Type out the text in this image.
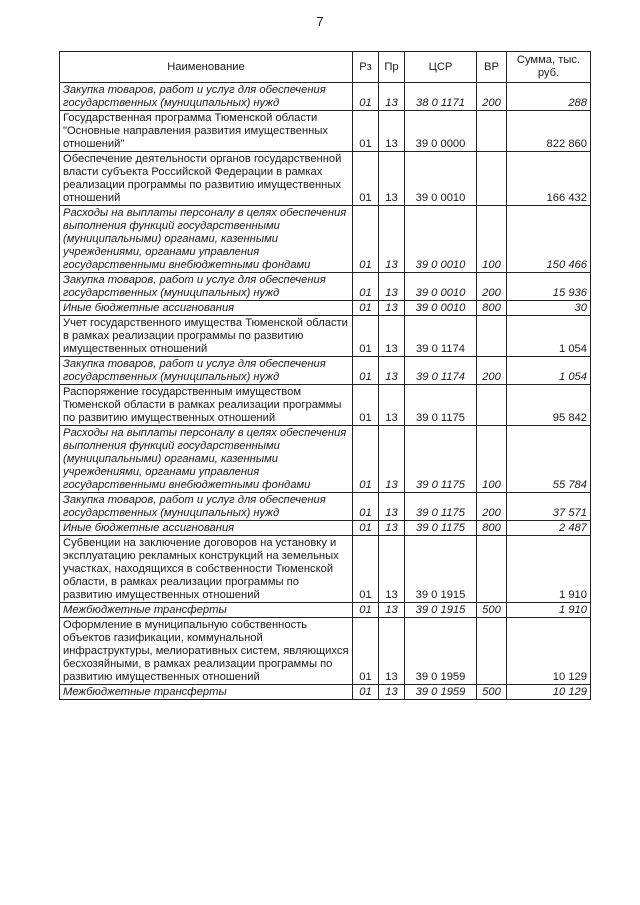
7
Наименование	Рз	Пр	ЦСР	ВР	Сумма, тыс. руб.
Закупка товаров, работ и услуг для обеспечения государственных (муниципальных) нужд	01	13	38 0 1171	200	288
Государственная программа Тюменской области "Основные направления развития имущественных отношений"	01	13	39 0 0000		822 860
Обеспечение деятельности органов государственной власти субъекта Российской Федерации в рамках реализации программы по развитию имущественных отношений	01	13	39 0 0010		166 432
Расходы на выплаты персоналу в целях обеспечения выполнения функций государственными (муниципальными) органами, казенными учреждениями, органами управления государственными внебюджетными фондами	01	13	39 0 0010	100	150 466
Закупка товаров, работ и услуг для обеспечения государственных (муниципальных) нужд	01	13	39 0 0010	200	15 936
Иные бюджетные ассигнования	01	13	39 0 0010	800	30
Учет государственного имущества Тюменской области в рамках реализации программы по развитию имущественных отношений	01	13	39 0 1174		1 054
Закупка товаров, работ и услуг для обеспечения государственных (муниципальных) нужд	01	13	39 0 1174	200	1 054
Распоряжение государственным имуществом Тюменской области в рамках реализации программы по развитию имущественных отношений	01	13	39 0 1175		95 842
Расходы на выплаты персоналу в целях обеспечения выполнения функций государственными (муниципальными) органами, казенными учреждениями, органами управления государственными внебюджетными фондами	01	13	39 0 1175	100	55 784
Закупка товаров, работ и услуг для обеспечения государственных (муниципальных) нужд	01	13	39 0 1175	200	37 571
Иные бюджетные ассигнования	01	13	39 0 1175	800	2 487
Субвенции на заключение договоров на установку и эксплуатацию рекламных конструкций на земельных участках, находящихся в собственности Тюменской области, в рамках реализации программы по развитию имущественных отношений	01	13	39 0 1915		1 910
Межбюджетные трансферты	01	13	39 0 1915	500	1 910
Оформление в муниципальную собственность объектов газификации, коммунальной инфраструктуры, мелиоративных систем, являющихся бесхозяйными, в рамках реализации программы по развитию имущественных отношений	01	13	39 0 1959		10 129
Межбюджетные трансферты	01	13	39 0 1959	500	10 129
